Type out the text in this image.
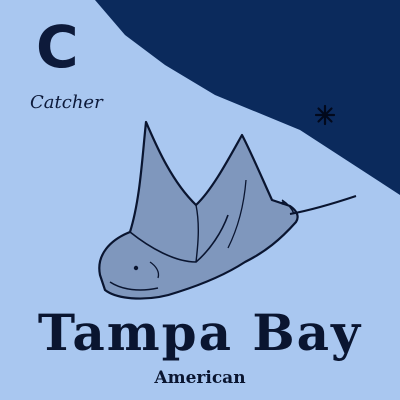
C
Catcher
Tampa Bay
American
